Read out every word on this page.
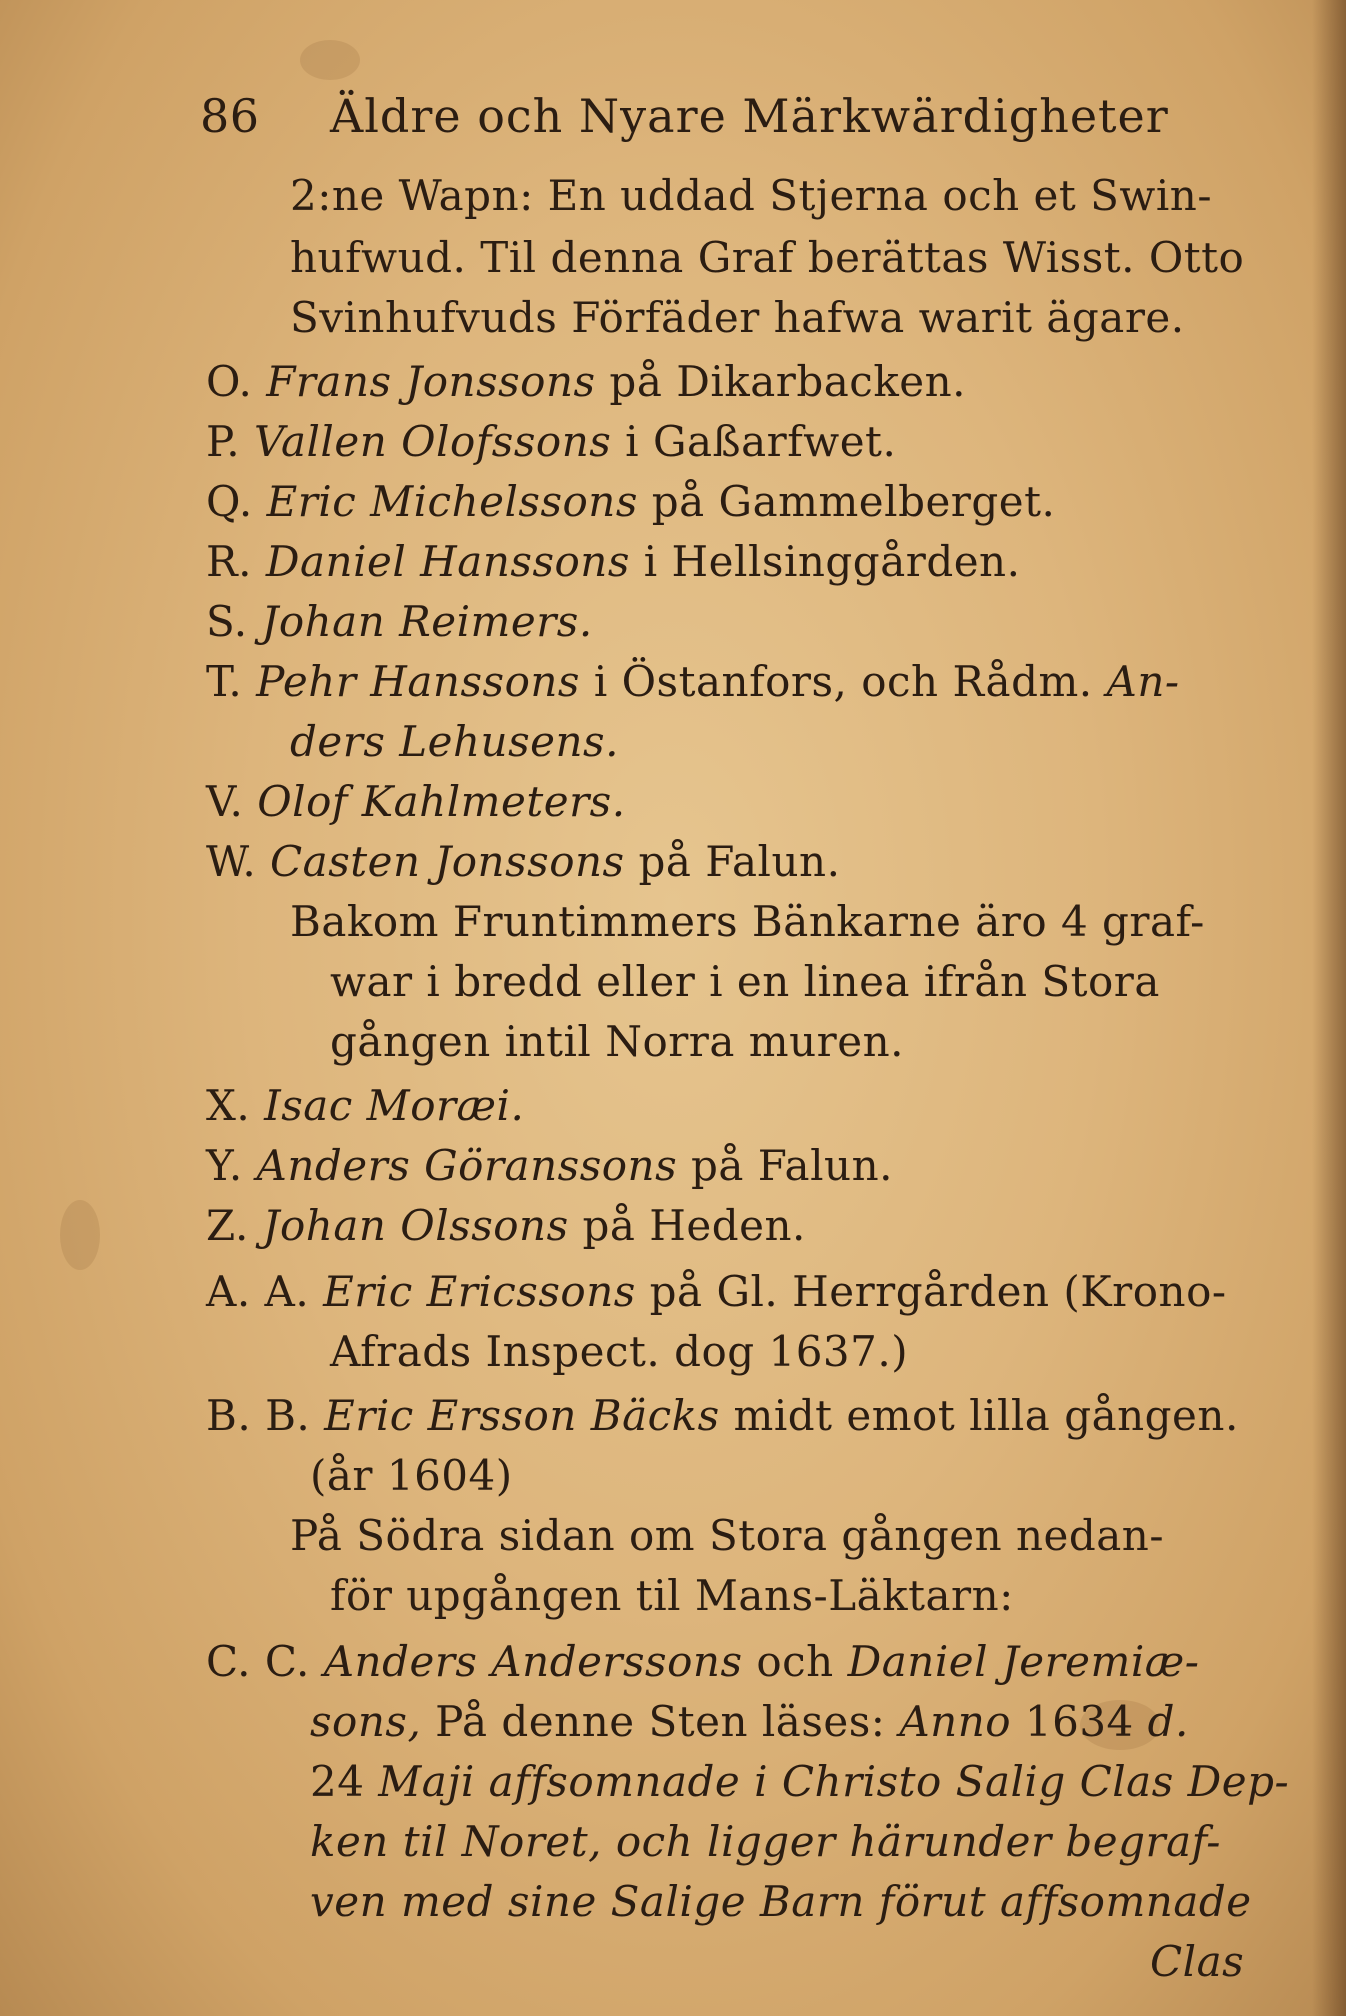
86 Äldre och Nyare Märkwärdigheter
2:ne Wapn: En uddad Stjerna och et Swin-
hufwud. Til denna Graf berättas Wisst. Otto
Svinhufvuds Förfäder hafwa warit ägare.
O. Frans Jonssons på Dikarbacken.
P. Vallen Olofssons i Gaßarfwet.
Q. Eric Michelssons på Gammelberget.
R. Daniel Hanssons i Hellsinggården.
S. Johan Reimers.
T. Pehr Hanssons i Östanfors, och Rådm. An-
ders Lehusens.
V. Olof Kahlmeters.
W. Casten Jonssons på Falun.
Bakom Fruntimmers Bänkarne äro 4 graf-
war i bredd eller i en linea ifrån Stora
gången intil Norra muren.
X. Isac Moræi.
Y. Anders Göranssons på Falun.
Z. Johan Olssons på Heden.
A. A. Eric Ericssons på Gl. Herrgården (Krono-
Afrads Inspect. dog 1637.)
B. B. Eric Ersson Bäcks midt emot lilla gången.
(år 1604)
På Södra sidan om Stora gången nedan-
för upgången til Mans-Läktarn:
C. C. Anders Anderssons och Daniel Jeremiæ-
sons, På denne Sten läses: Anno 1634 d.
24 Maji affsomnade i Christo Salig Clas Dep-
ken til Noret, och ligger härunder begraf-
ven med sine Salige Barn förut affsomnade
Clas
